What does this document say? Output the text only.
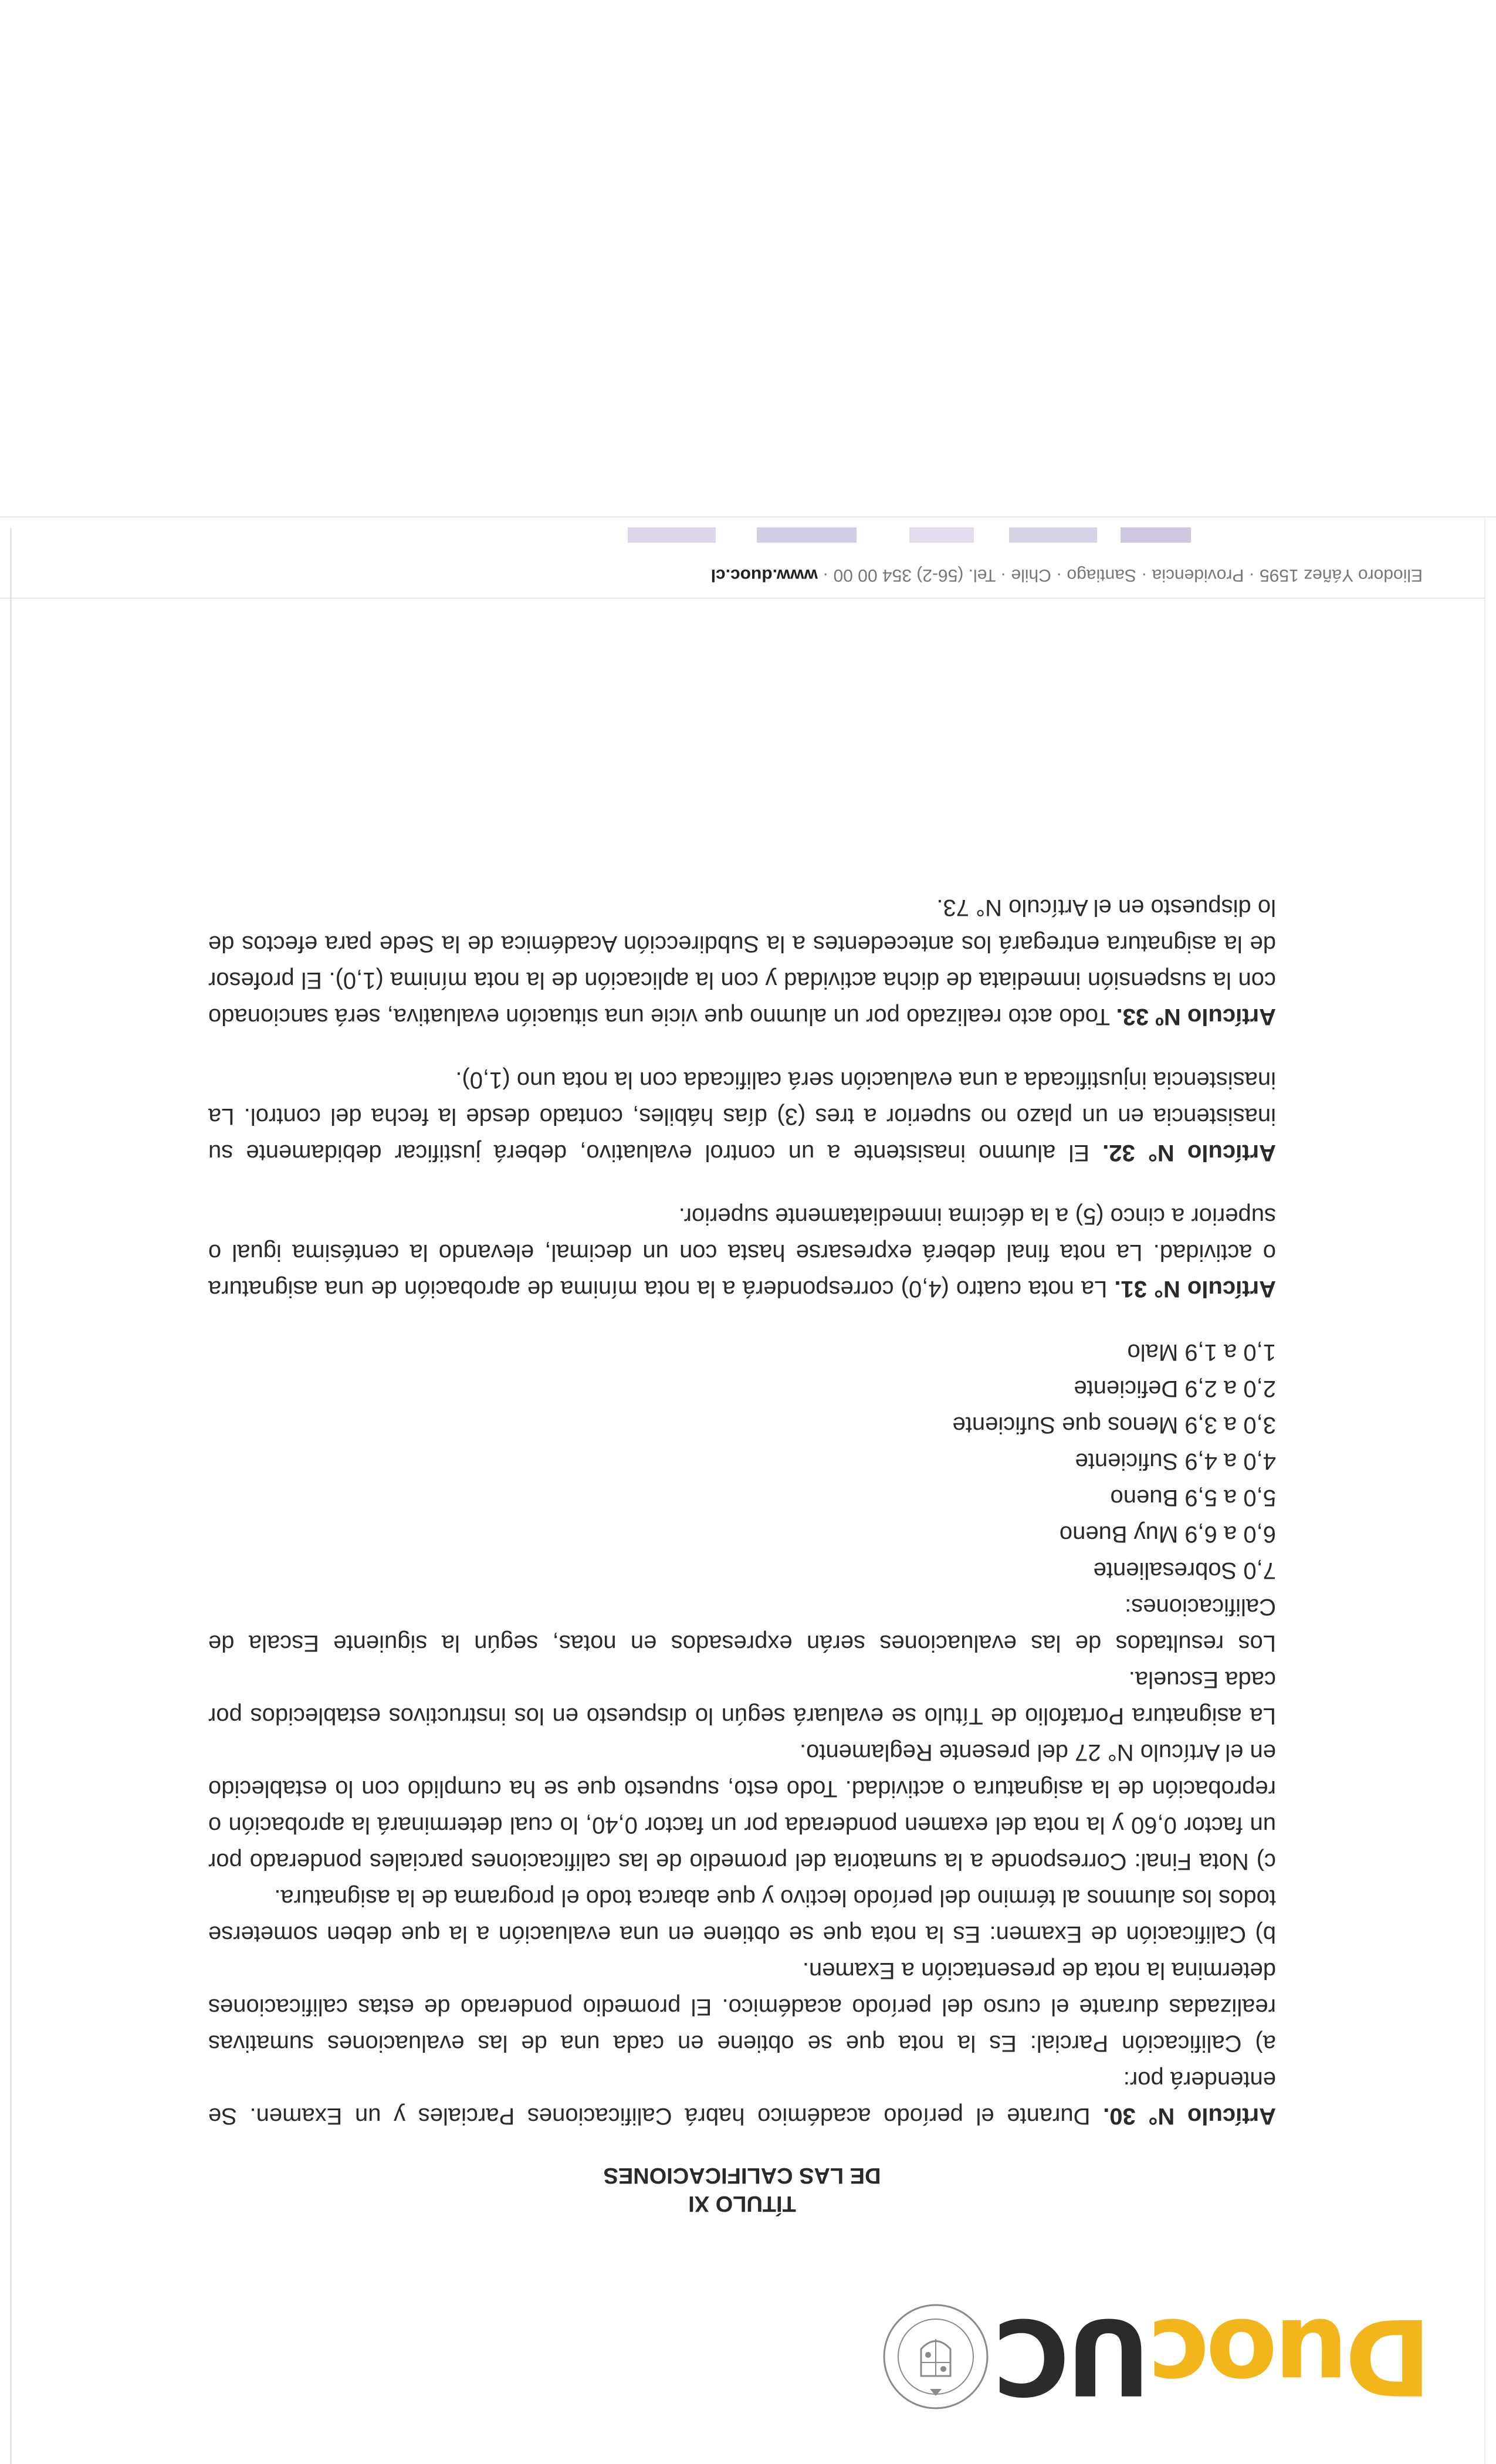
DuocUC
TÍTULO XI
DE LAS CALIFICACIONES

Artículo N° 30. Durante el período académico habrá Calificaciones Parciales y un Examen. Se entenderá por:

a) Calificación Parcial: Es la nota que se obtiene en cada una de las evaluaciones sumativas realizadas durante el curso del período académico. El promedio ponderado de estas calificaciones determina la nota de presentación a Examen.

b) Calificación de Examen: Es la nota que se obtiene en una evaluación a la que deben someterse todos los alumnos al término del período lectivo y que abarca todo el programa de la asignatura.

c) Nota Final: Corresponde a la sumatoria del promedio de las calificaciones parciales ponderado por un factor 0,60 y la nota del examen ponderada por un factor 0,40, lo cual determinará la aprobación o reprobación de la asignatura o actividad. Todo esto, supuesto que se ha cumplido con lo establecido en el Artículo N° 27 del presente Reglamento.

La asignatura Portafolio de Título se evaluará según lo dispuesto en los instructivos establecidos por cada Escuela.

Los resultados de las evaluaciones serán expresados en notas, según la siguiente Escala de Calificaciones:

7,0 Sobresaliente

6,0 a 6,9 Muy Bueno

5,0 a 5,9 Bueno

4,0 a 4,9 Suficiente

3,0 a 3,9 Menos que Suficiente

2,0 a 2,9 Deficiente

1,0 a 1,9 Malo

Artículo N° 31. La nota cuatro (4,0) corresponderá a la nota mínima de aprobación de una asignatura o actividad. La nota final deberá expresarse hasta con un decimal, elevando la centésima igual o superior a cinco (5) a la décima inmediatamente superior.

Artículo N° 32. El alumno inasistente a un control evaluativo, deberá justificar debidamente su inasistencia en un plazo no superior a tres (3) días hábiles, contado desde la fecha del control. La inasistencia injustificada a una evaluación será calificada con la nota uno (1,0).

Artículo Nº 33. Todo acto realizado por un alumno que vicie una situación evaluativa, será sancionado con la suspensión inmediata de dicha actividad y con la aplicación de la nota mínima (1,0). El profesor de la asignatura entregará los antecedentes a la Subdirección Académica de la Sede para efectos de lo dispuesto en el Artículo N° 73.

Eliodoro Yáñez 1595 · Providencia · Santiago · Chile · Tel. (56-2) 354 00 00 · www.duoc.cl
